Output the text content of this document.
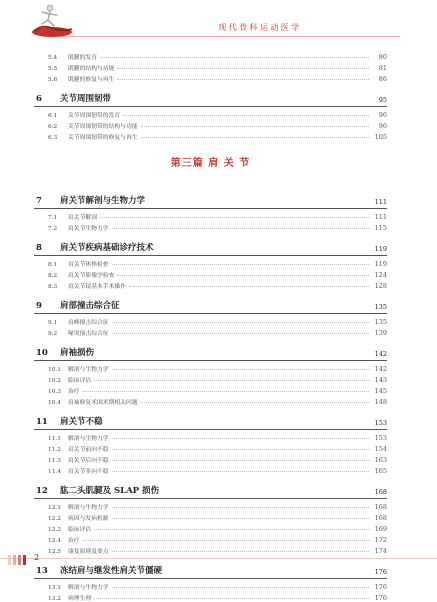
现代骨科运动医学
5.4	肌腱的发育	80
5.5	肌腱的结构与功能	81
5.6	肌腱的修复与再生	86
6	关节周围韧带	95
6.1	关节周围韧带的发育	96
6.2	关节周围韧带的结构与功能	96
6.3	关节周围韧带的修复与再生	105
第三篇 肩 关 节
7	肩关节解剖与生物力学	111
7.1	肩关节解剖	111
7.2	肩关节生物力学	115
8	肩关节疾病基础诊疗技术	119
8.1	肩关节体格检查	119
8.2	肩关节影像学检查	124
8.3	肩关节镜基本手术操作	128
9	肩部撞击综合征	135
9.1	肩峰撞击综合征	135
9.2	喙突撞击综合征	139
10	肩袖损伤	142
10.1	解剖与生物力学	142
10.2	临床评估	143
10.3	治疗	145
10.4	肩袖修复术围术期相关问题	148
11	肩关节不稳	153
11.1	解剖与生物力学	153
11.2	肩关节前向不稳	154
11.3	肩关节后向不稳	163
11.4	肩关节多向不稳	165
12	肱二头肌腱及 SLAP 损伤	168
12.1	解剖与生物力学	168
12.2	病因与发病机制	168
12.3	临床评估	169
12.4	治疗	172
12.5	康复原则及要点	174
13	冻结肩与继发性肩关节僵硬	176
13.1	解剖与生物力学	176
13.2	病理生理	176
2
